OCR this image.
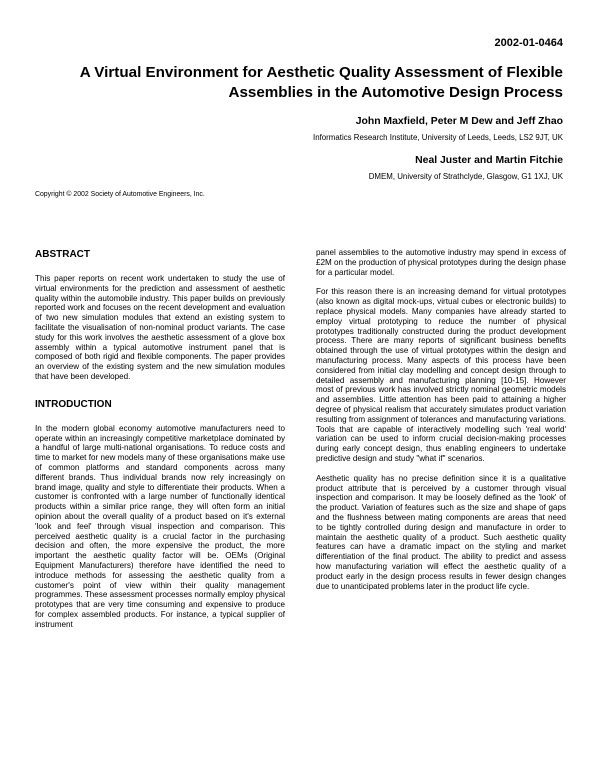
2002-01-0464
A Virtual Environment for Aesthetic Quality Assessment of Flexible
Assemblies in the Automotive Design Process
John Maxfield, Peter M Dew and Jeff Zhao
Informatics Research Institute, University of Leeds, Leeds, LS2 9JT, UK
Neal Juster and Martin Fitchie
DMEM, University of Strathclyde, Glasgow, G1 1XJ, UK
Copyright © 2002 Society of Automotive Engineers, Inc.
ABSTRACT

This paper reports on recent work undertaken to study the use of virtual environments for the prediction and assessment of aesthetic quality within the automobile industry. This paper builds on previously reported work and focuses on the recent development and evaluation of two new simulation modules that extend an existing system to facilitate the visualisation of non-nominal product variants. The case study for this work involves the aesthetic assessment of a glove box assembly within a typical automotive instrument panel that is composed of both rigid and flexible components. The paper provides an overview of the existing system and the new simulation modules that have been developed.

INTRODUCTION

In the modern global economy automotive manufacturers need to operate within an increasingly competitive marketplace dominated by a handful of large multi-national organisations. To reduce costs and time to market for new models many of these organisations make use of common platforms and standard components across many different brands. Thus individual brands now rely increasingly on brand image, quality and style to differentiate their products. When a customer is confronted with a large number of functionally identical products within a similar price range, they will often form an initial opinion about the overall quality of a product based on it's external 'look and feel' through visual inspection and comparison. This perceived aesthetic quality is a crucial factor in the purchasing decision and often, the more expensive the product, the more important the aesthetic quality factor will be. OEMs (Original Equipment Manufacturers) therefore have identified the need to introduce methods for assessing the aesthetic quality from a customer's point of view within their quality management programmes. These assessment processes normally employ physical prototypes that are very time consuming and expensive to produce for complex assembled products. For instance, a typical supplier of instrument

panel assemblies to the automotive industry may spend in excess of £2M on the production of physical prototypes during the design phase for a particular model.

For this reason there is an increasing demand for virtual prototypes (also known as digital mock-ups, virtual cubes or electronic builds) to replace physical models. Many companies have already started to employ virtual prototyping to reduce the number of physical prototypes traditionally constructed during the product development process. There are many reports of significant business benefits obtained through the use of virtual prototypes within the design and manufacturing process. Many aspects of this process have been considered from initial clay modelling and concept design through to detailed assembly and manufacturing planning [10-15]. However most of previous work has involved strictly nominal geometric models and assemblies. Little attention has been paid to attaining a higher degree of physical realism that accurately simulates product variation resulting from assignment of tolerances and manufacturing variations. Tools that are capable of interactively modelling such 'real world' variation can be used to inform crucial decision-making processes during early concept design, thus enabling engineers to undertake predictive design and study "what if" scenarios.

Aesthetic quality has no precise definition since it is a qualitative product attribute that is perceived by a customer through visual inspection and comparison. It may be loosely defined as the 'look' of the product. Variation of features such as the size and shape of gaps and the flushness between mating components are areas that need to be tightly controlled during design and manufacture in order to maintain the aesthetic quality of a product. Such aesthetic quality features can have a dramatic impact on the styling and market differentiation of the final product. The ability to predict and assess how manufacturing variation will effect the aesthetic quality of a product early in the design process results in fewer design changes due to unanticipated problems later in the product life cycle.
